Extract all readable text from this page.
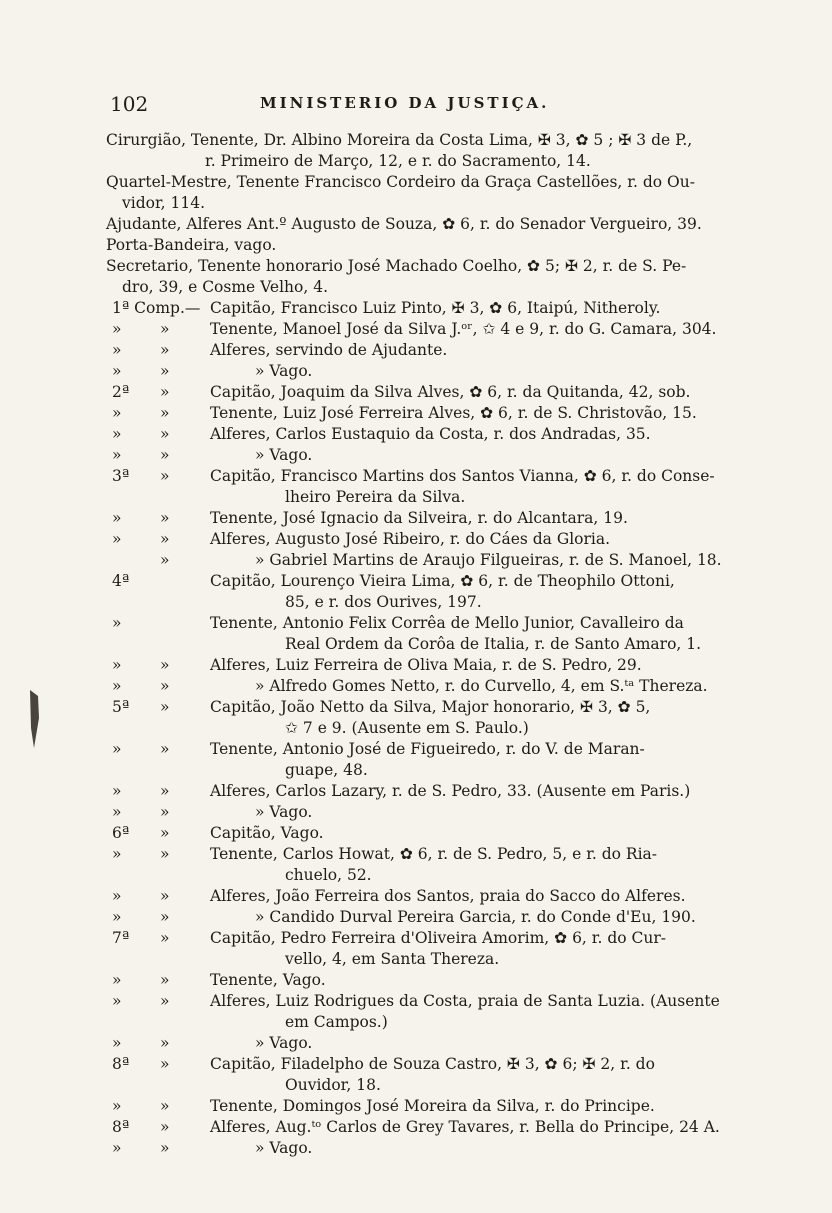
102	MINISTERIO DA JUSTIÇA.
Cirurgião, Tenente, Dr. Albino Moreira da Costa Lima, ✠ 3, ✿ 5 ; ✠ 3 de P.,
r. Primeiro de Março, 12, e r. do Sacramento, 14.
Quartel-Mestre, Tenente Francisco Cordeiro da Graça Castellões, r. do Ou-
vidor, 114.
Ajudante, Alferes Ant.º Augusto de Souza, ✿ 6, r. do Senador Vergueiro, 39.
Porta-Bandeira, vago.
Secretario, Tenente honorario José Machado Coelho, ✿ 5; ✠ 2, r. de S. Pe-
dro, 39, e Cosme Velho, 4.
1ª Comp.— Capitão, Francisco Luiz Pinto, ✠ 3, ✿ 6, Itaipú, Nitheroly.
» »	Tenente, Manoel José da Silva J.ᵒʳ, ✩ 4 e 9, r. do G. Camara, 304.
» »	Alferes, servindo de Ajudante.
» »	» Vago.
2ª »	Capitão, Joaquim da Silva Alves, ✿ 6, r. da Quitanda, 42, sob.
» »	Tenente, Luiz José Ferreira Alves, ✿ 6, r. de S. Christovão, 15.
» »	Alferes, Carlos Eustaquio da Costa, r. dos Andradas, 35.
» »	» Vago.
3ª »	Capitão, Francisco Martins dos Santos Vianna, ✿ 6, r. do Conse-
lheiro Pereira da Silva.
» »	Tenente, José Ignacio da Silveira, r. do Alcantara, 19.
» »	Alferes, Augusto José Ribeiro, r. do Cáes da Gloria.
»	» Gabriel Martins de Araujo Filgueiras, r. de S. Manoel, 18.
4ª	Capitão, Lourenço Vieira Lima, ✿ 6, r. de Theophilo Ottoni,
85, e r. dos Ourives, 197.
»	Tenente, Antonio Felix Corrêa de Mello Junior, Cavalleiro da
Real Ordem da Corôa de Italia, r. de Santo Amaro, 1.
» »	Alferes, Luiz Ferreira de Oliva Maia, r. de S. Pedro, 29.
» »	» Alfredo Gomes Netto, r. do Curvello, 4, em S.ᵗᵃ Thereza.
5ª »	Capitão, João Netto da Silva, Major honorario, ✠ 3, ✿ 5,
✩ 7 e 9. (Ausente em S. Paulo.)
» »	Tenente, Antonio José de Figueiredo, r. do V. de Maran-
guape, 48.
» »	Alferes, Carlos Lazary, r. de S. Pedro, 33. (Ausente em Paris.)
» »	» Vago.
6ª »	Capitão, Vago.
» »	Tenente, Carlos Howat, ✿ 6, r. de S. Pedro, 5, e r. do Ria-
chuelo, 52.
» »	Alferes, João Ferreira dos Santos, praia do Sacco do Alferes.
» »	» Candido Durval Pereira Garcia, r. do Conde d'Eu, 190.
7ª »	Capitão, Pedro Ferreira d'Oliveira Amorim, ✿ 6, r. do Cur-
vello, 4, em Santa Thereza.
» »	Tenente, Vago.
» »	Alferes, Luiz Rodrigues da Costa, praia de Santa Luzia. (Ausente
em Campos.)
» »	» Vago.
8ª »	Capitão, Filadelpho de Souza Castro, ✠ 3, ✿ 6; ✠ 2, r. do
Ouvidor, 18.
» »	Tenente, Domingos José Moreira da Silva, r. do Principe.
8ª »	Alferes, Aug.ᵗᵒ Carlos de Grey Tavares, r. Bella do Principe, 24 A.
» »	» Vago.
